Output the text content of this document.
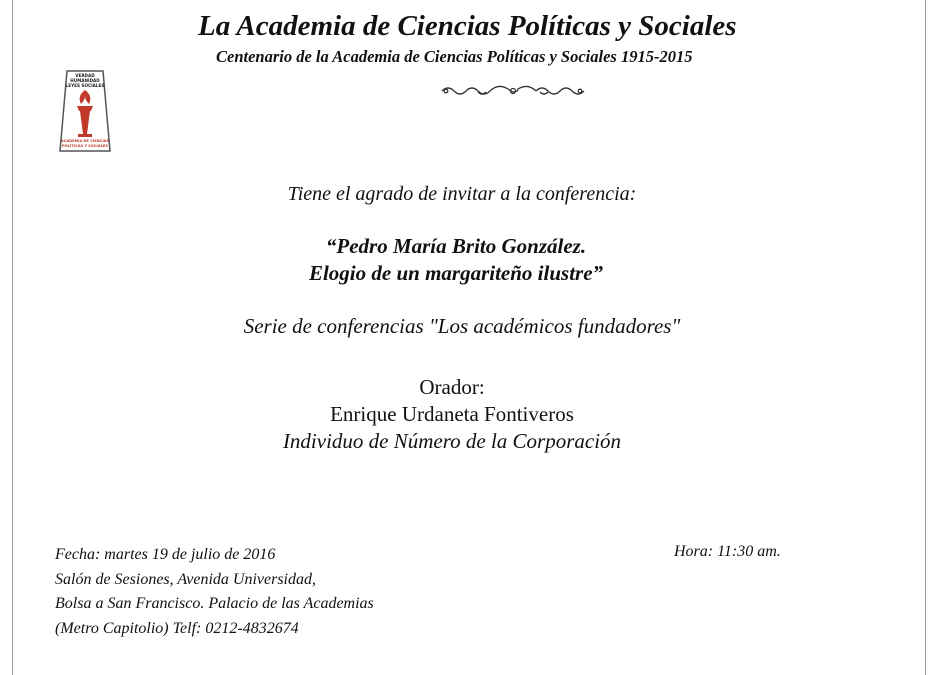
La Academia de Ciencias Políticas y Sociales
Centenario de la Academia de Ciencias Políticas y Sociales 1915-2015
VERDAD
HUMANIDAD
LEYES SOCIALES
ACADEMIA DE CIENCIAS
POLÍTICAS Y SOCIALES
Tiene el agrado de invitar a la conferencia:
“Pedro María Brito González.
Elogio de un margariteño ilustre”
Serie de conferencias "Los académicos fundadores"
Orador:
Enrique Urdaneta Fontiveros
Individuo de Número de la Corporación
Fecha: martes 19 de julio de 2016
Salón de Sesiones, Avenida Universidad,
Bolsa a San Francisco. Palacio de las Academias
(Metro Capitolio) Telf: 0212-4832674
Hora: 11:30 am.
